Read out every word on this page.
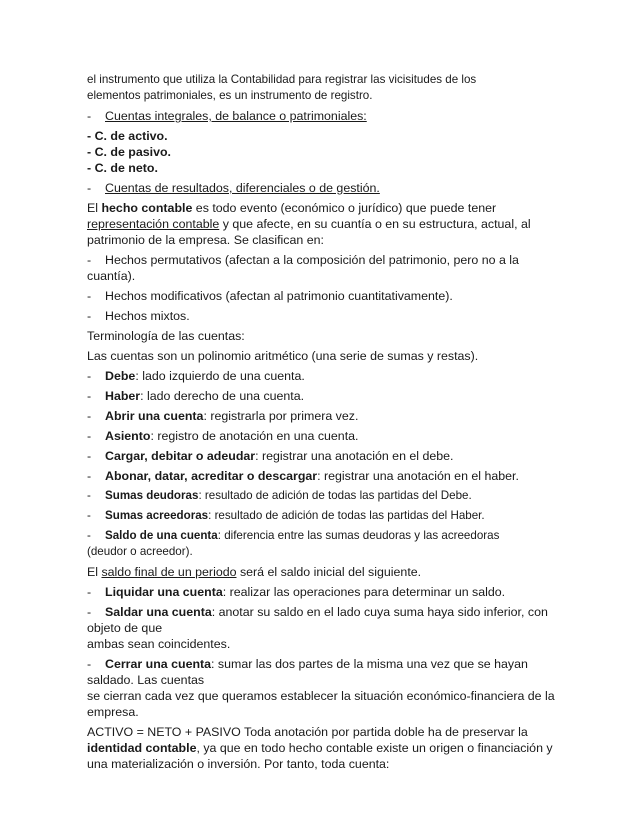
el instrumento que utiliza la Contabilidad para registrar las vicisitudes de los

elementos patrimoniales, es un instrumento de registro.

- Cuentas integrales, de balance o patrimoniales:

- C. de activo.

- C. de pasivo.

- C. de neto.

- Cuentas de resultados, diferenciales o de gestión.

El hecho contable es todo evento (económico o jurídico) que puede tener

representación contable y que afecte, en su cuantía o en su estructura, actual, al

patrimonio de la empresa. Se clasifican en:

- Hechos permutativos (afectan a la composición del patrimonio, pero no a la

cuantía).

- Hechos modificativos (afectan al patrimonio cuantitativamente).

- Hechos mixtos.

Terminología de las cuentas:

Las cuentas son un polinomio aritmético (una serie de sumas y restas).

- Debe: lado izquierdo de una cuenta.

- Haber: lado derecho de una cuenta.

- Abrir una cuenta: registrarla por primera vez.

- Asiento: registro de anotación en una cuenta.

- Cargar, debitar o adeudar: registrar una anotación en el debe.

- Abonar, datar, acreditar o descargar: registrar una anotación en el haber.

- Sumas deudoras: resultado de adición de todas las partidas del Debe.

- Sumas acreedoras: resultado de adición de todas las partidas del Haber.

- Saldo de una cuenta: diferencia entre las sumas deudoras y las acreedoras

(deudor o acreedor).

El saldo final de un periodo será el saldo inicial del siguiente.

- Liquidar una cuenta: realizar las operaciones para determinar un saldo.

- Saldar una cuenta: anotar su saldo en el lado cuya suma haya sido inferior, con

objeto de que

ambas sean coincidentes.

- Cerrar una cuenta: sumar las dos partes de la misma una vez que se hayan

saldado. Las cuentas

se cierran cada vez que queramos establecer la situación económico-financiera de la

empresa.

ACTIVO = NETO + PASIVO Toda anotación por partida doble ha de preservar la

identidad contable, ya que en todo hecho contable existe un origen o financiación y

una materialización o inversión. Por tanto, toda cuenta:
